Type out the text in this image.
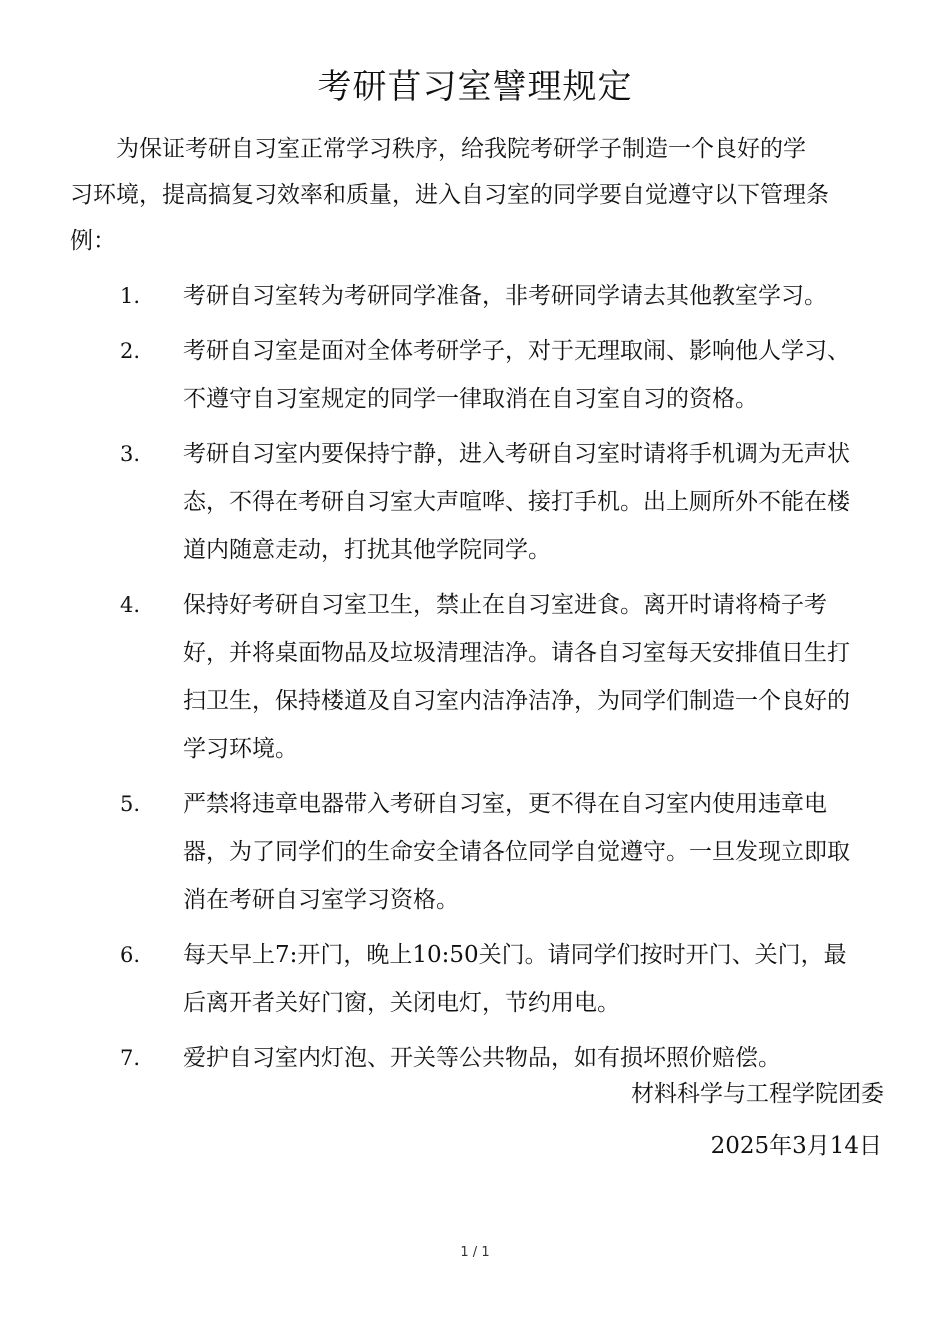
考研苜习室譬理规定

为保证考研自习室正常学习秩序，给我院考研学子制造一个良好的学
习环境，提高搞复习效率和质量，进入自习室的同学要自觉遵守以下管理条
例：

1. 考研自习室转为考研同学准备，非考研同学请去其他教室学习。
2. 考研自习室是面对全体考研学子，对于无理取闹、影响他人学习、
不遵守自习室规定的同学一律取消在自习室自习的资格。
3. 考研自习室内要保持宁静，进入考研自习室时请将手机调为无声状
态，不得在考研自习室大声喧哗、接打手机。出上厕所外不能在楼
道内随意走动，打扰其他学院同学。
4. 保持好考研自习室卫生，禁止在自习室进食。离开时请将椅子考
好，并将桌面物品及垃圾清理洁净。请各自习室每天安排值日生打
扫卫生，保持楼道及自习室内洁净洁净，为同学们制造一个良好的
学习环境。
5. 严禁将违章电器带入考研自习室，更不得在自习室内使用违章电
器，为了同学们的生命安全请各位同学自觉遵守。一旦发现立即取
消在考研自习室学习资格。
6. 每天早上7:开门，晚上10:50关门。请同学们按时开门、关门，最
后离开者关好门窗，关闭电灯，节约用电。
7. 爱护自习室内灯泡、开关等公共物品，如有损坏照价赔偿。
材料科学与工程学院团委
2025年3月14日
1 / 1
